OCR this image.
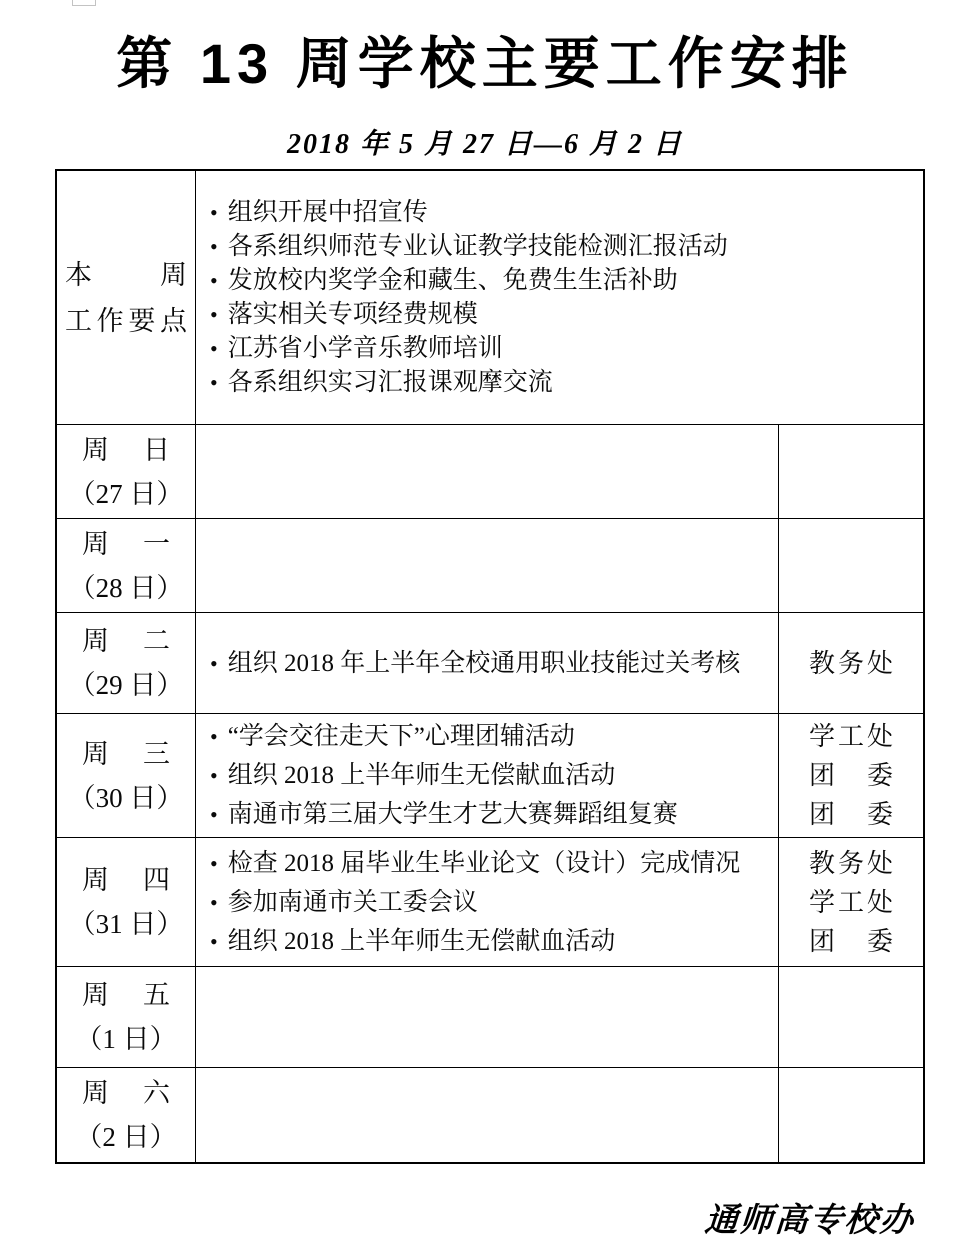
第 13 周学校主要工作安排
2018 年 5 月 27 日—6 月 2 日
本周
工作要点
• 组织开展中招宣传
• 各系组织师范专业认证教学技能检测汇报活动
• 发放校内奖学金和藏生、免费生生活补助
• 落实相关专项经费规模
• 江苏省小学音乐教师培训
• 各系组织实习汇报课观摩交流
周日
（27 日）
周一
（28 日）
周二
（29 日）
• 组织 2018 年上半年全校通用职业技能过关考核	教务处
周三
（30 日）
• “学会交往走天下”心理团辅活动
• 组织 2018 上半年师生无偿献血活动
• 南通市第三届大学生才艺大赛舞蹈组复赛
学工处
团委
团委
周四
（31 日）
• 检查 2018 届毕业生毕业论文（设计）完成情况
• 参加南通市关工委会议
• 组织 2018 上半年师生无偿献血活动
教务处
学工处
团委
周五
（1 日）
周六
（2 日）
通师高专校办
